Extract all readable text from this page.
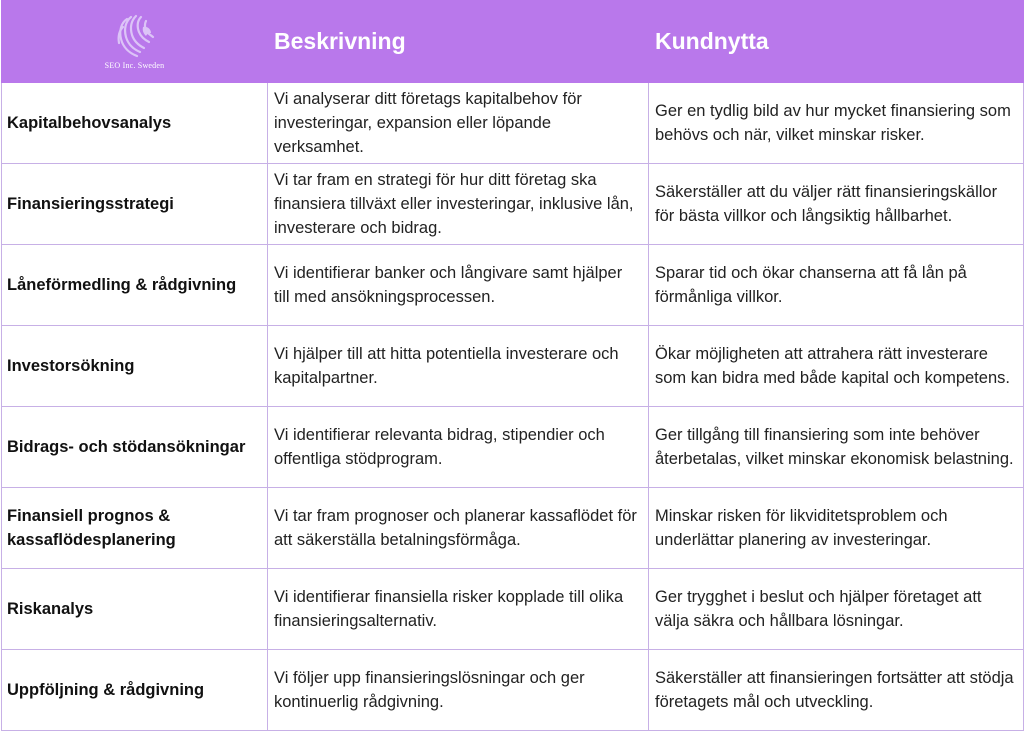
SEO Inc. Sweden	Beskrivning	Kundnytta
Kapitalbehovsanalys	Vi analyserar ditt företags kapitalbehov för investeringar, expansion eller löpande verksamhet.	Ger en tydlig bild av hur mycket finansiering som behövs och när, vilket minskar risker.
Finansieringsstrategi	Vi tar fram en strategi för hur ditt företag ska finansiera tillväxt eller investeringar, inklusive lån, investerare och bidrag.	Säkerställer att du väljer rätt finansieringskällor för bästa villkor och långsiktig hållbarhet.
Låneförmedling & rådgivning	Vi identifierar banker och långivare samt hjälper till med ansökningsprocessen.	Sparar tid och ökar chanserna att få lån på förmånliga villkor.
Investorsökning	Vi hjälper till att hitta potentiella investerare och kapitalpartner.	Ökar möjligheten att attrahera rätt investerare som kan bidra med både kapital och kompetens.
Bidrags- och stödansökningar	Vi identifierar relevanta bidrag, stipendier och offentliga stödprogram.	Ger tillgång till finansiering som inte behöver återbetalas, vilket minskar ekonomisk belastning.
Finansiell prognos & kassaflödesplanering	Vi tar fram prognoser och planerar kassaflödet för att säkerställa betalningsförmåga.	Minskar risken för likviditetsproblem och underlättar planering av investeringar.
Riskanalys	Vi identifierar finansiella risker kopplade till olika finansieringsalternativ.	Ger trygghet i beslut och hjälper företaget att välja säkra och hållbara lösningar.
Uppföljning & rådgivning	Vi följer upp finansieringslösningar och ger kontinuerlig rådgivning.	Säkerställer att finansieringen fortsätter att stödja företagets mål och utveckling.
